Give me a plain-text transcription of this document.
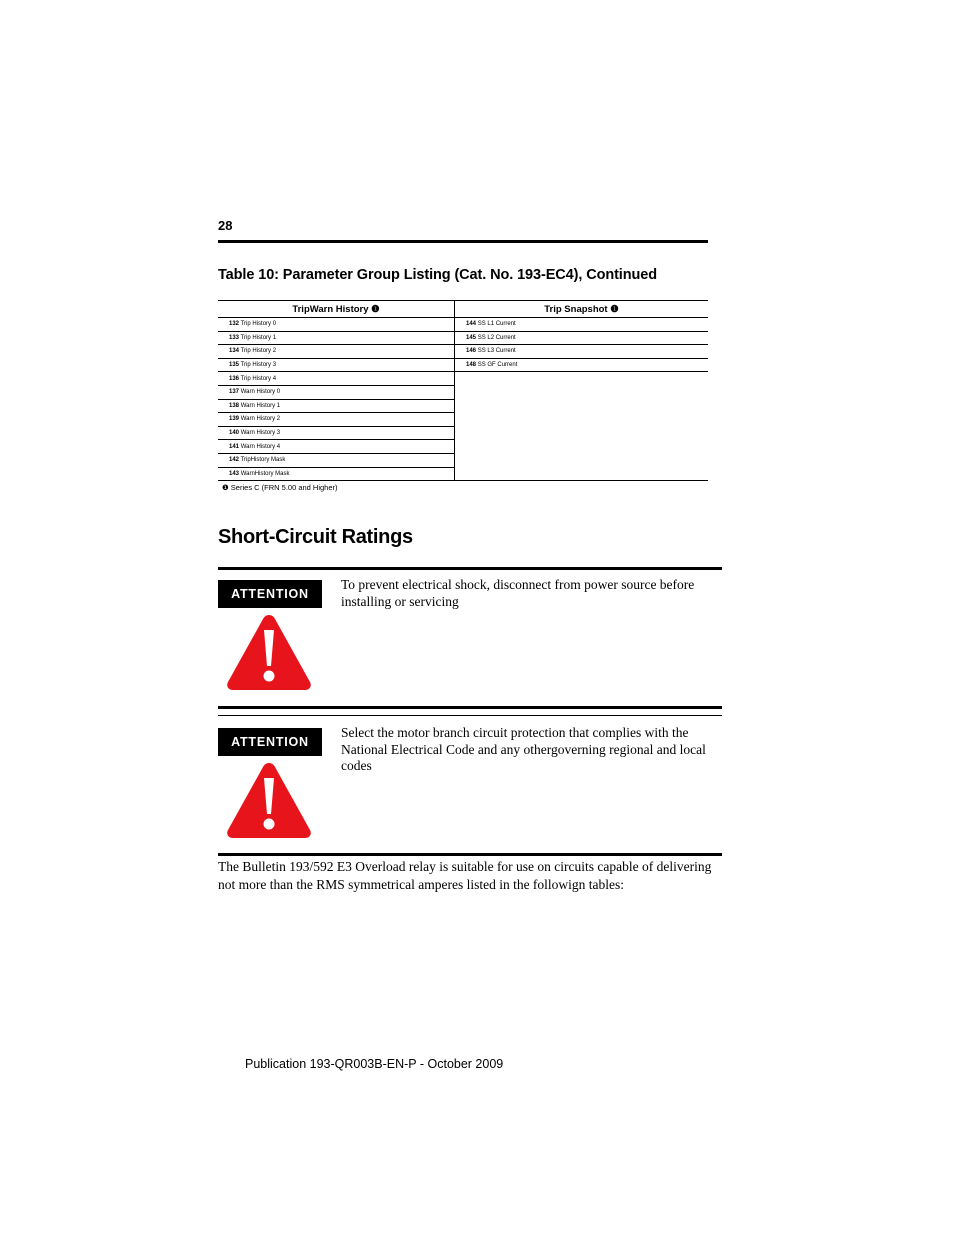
28
Table 10: Parameter Group Listing (Cat. No. 193-EC4), Continued
TripWarn History ❶	Trip Snapshot ❶
132 Trip History 0	144 SS L1 Current
133 Trip History 1	145 SS L2 Current
134 Trip History 2	146 SS L3 Current
135 Trip History 3	148 SS GF Current
136 Trip History 4	
137 Warn History 0	
138 Warn History 1	
139 Warn History 2	
140 Warn History 3	
141 Warn History 4	
142 TripHistory Mask	
143 WarnHistory Mask	
❶ Series C (FRN 5.00 and Higher)
Short-Circuit Ratings
ATTENTION
To prevent electrical shock, disconnect from power source before installing or servicing
ATTENTION
Select the motor branch circuit protection that complies with the National Electrical Code and any othergoverning regional and local codes
The Bulletin 193/592 E3 Overload relay is suitable for use on circuits capable of delivering not more than the RMS symmetrical amperes listed in the followign tables:
Publication 193-QR003B-EN-P - October 2009
